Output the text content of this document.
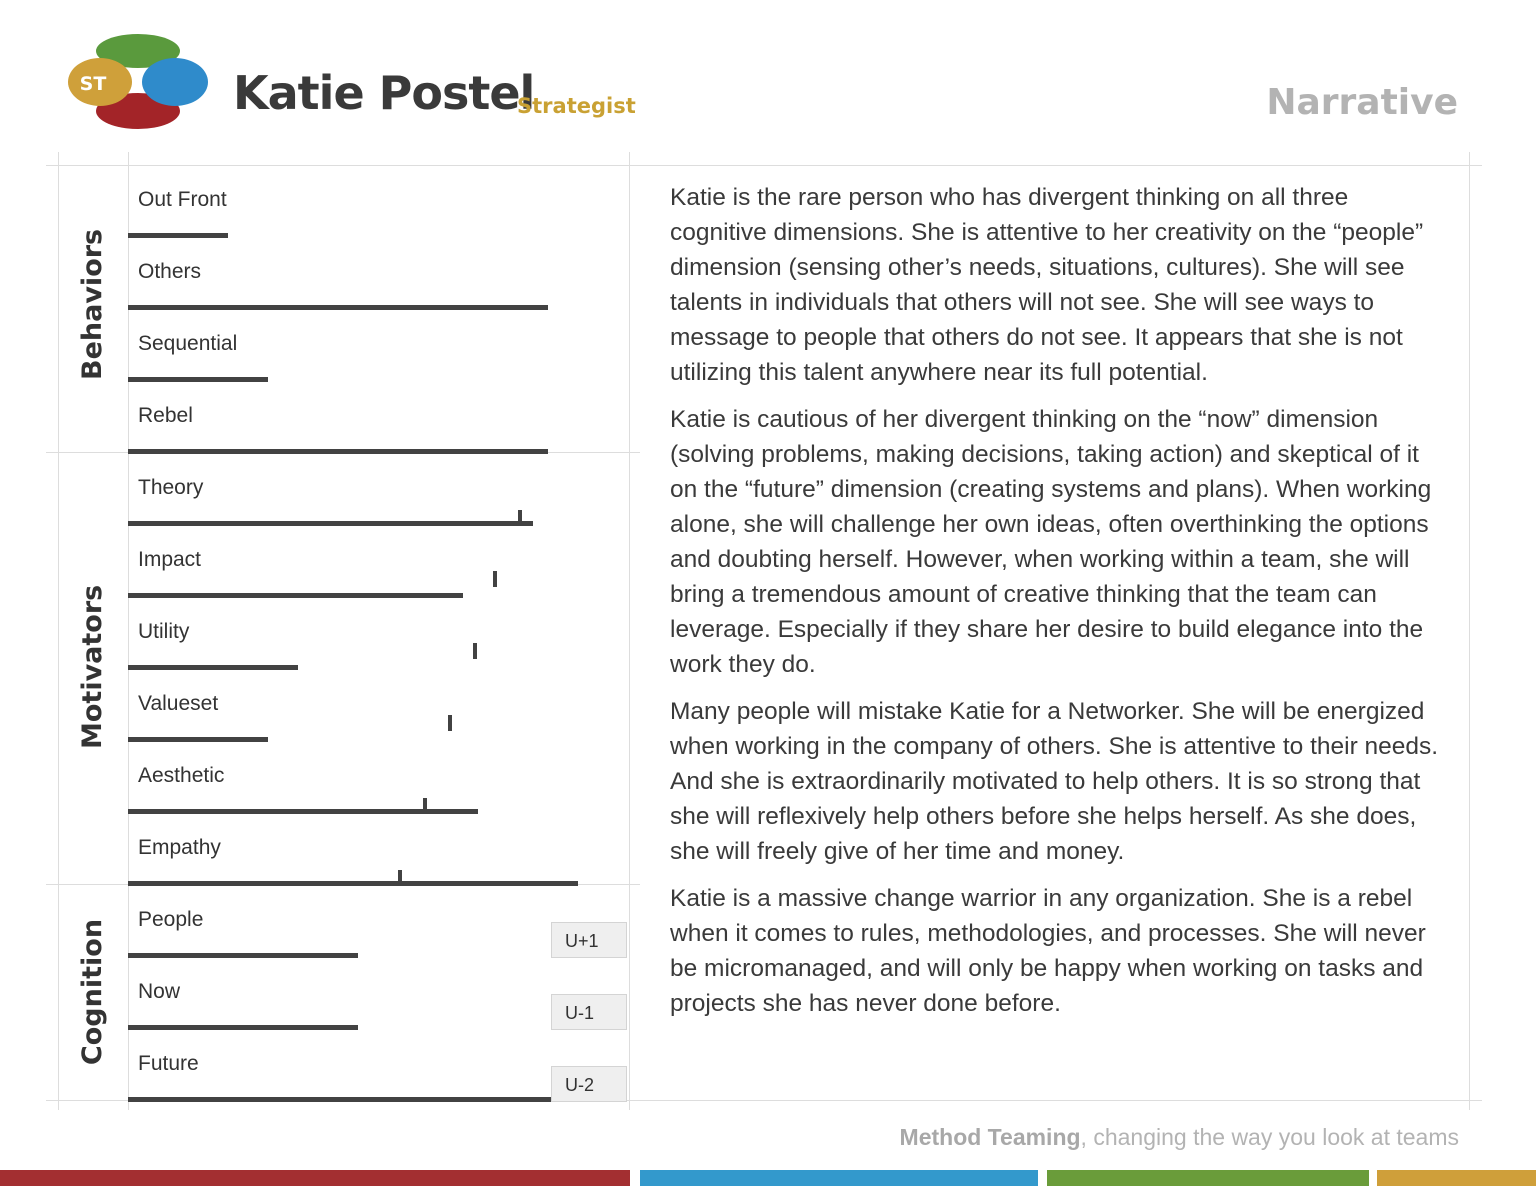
ST	Katie Postel
Strategist	Narrative
Behaviors
Motivators
Cognition
Out Front
Others
Sequential
Rebel
Theory
Impact
Utility
Valueset
Aesthetic
Empathy
People
U+1
Now
U-1
Future
U-2

Katie is the rare person who has divergent thinking on all three cognitive dimensions. She is attentive to her creativity on the “people” dimension (sensing other’s needs, situations, cultures). She will see talents in individuals that others will not see. She will see ways to message to people that others do not see. It appears that she is not utilizing this talent anywhere near its full potential.

Katie is cautious of her divergent thinking on the “now” dimension (solving problems, making decisions, taking action) and skeptical of it on the “future” dimension (creating systems and plans). When working alone, she will challenge her own ideas, often overthinking the options and doubting herself. However, when working within a team, she will bring a tremendous amount of creative thinking that the team can leverage. Especially if they share her desire to build elegance into the work they do.

Many people will mistake Katie for a Networker. She will be energized when working in the company of others. She is attentive to their needs. And she is extraordinarily motivated to help others. It is so strong that she will reflexively help others before she helps herself. As she does, she will freely give of her time and money.

Katie is a massive change warrior in any organization. She is a rebel when it comes to rules, methodologies, and processes. She will never be micromanaged, and will only be happy when working on tasks and projects she has never done before.

Method Teaming, changing the way you look at teams
